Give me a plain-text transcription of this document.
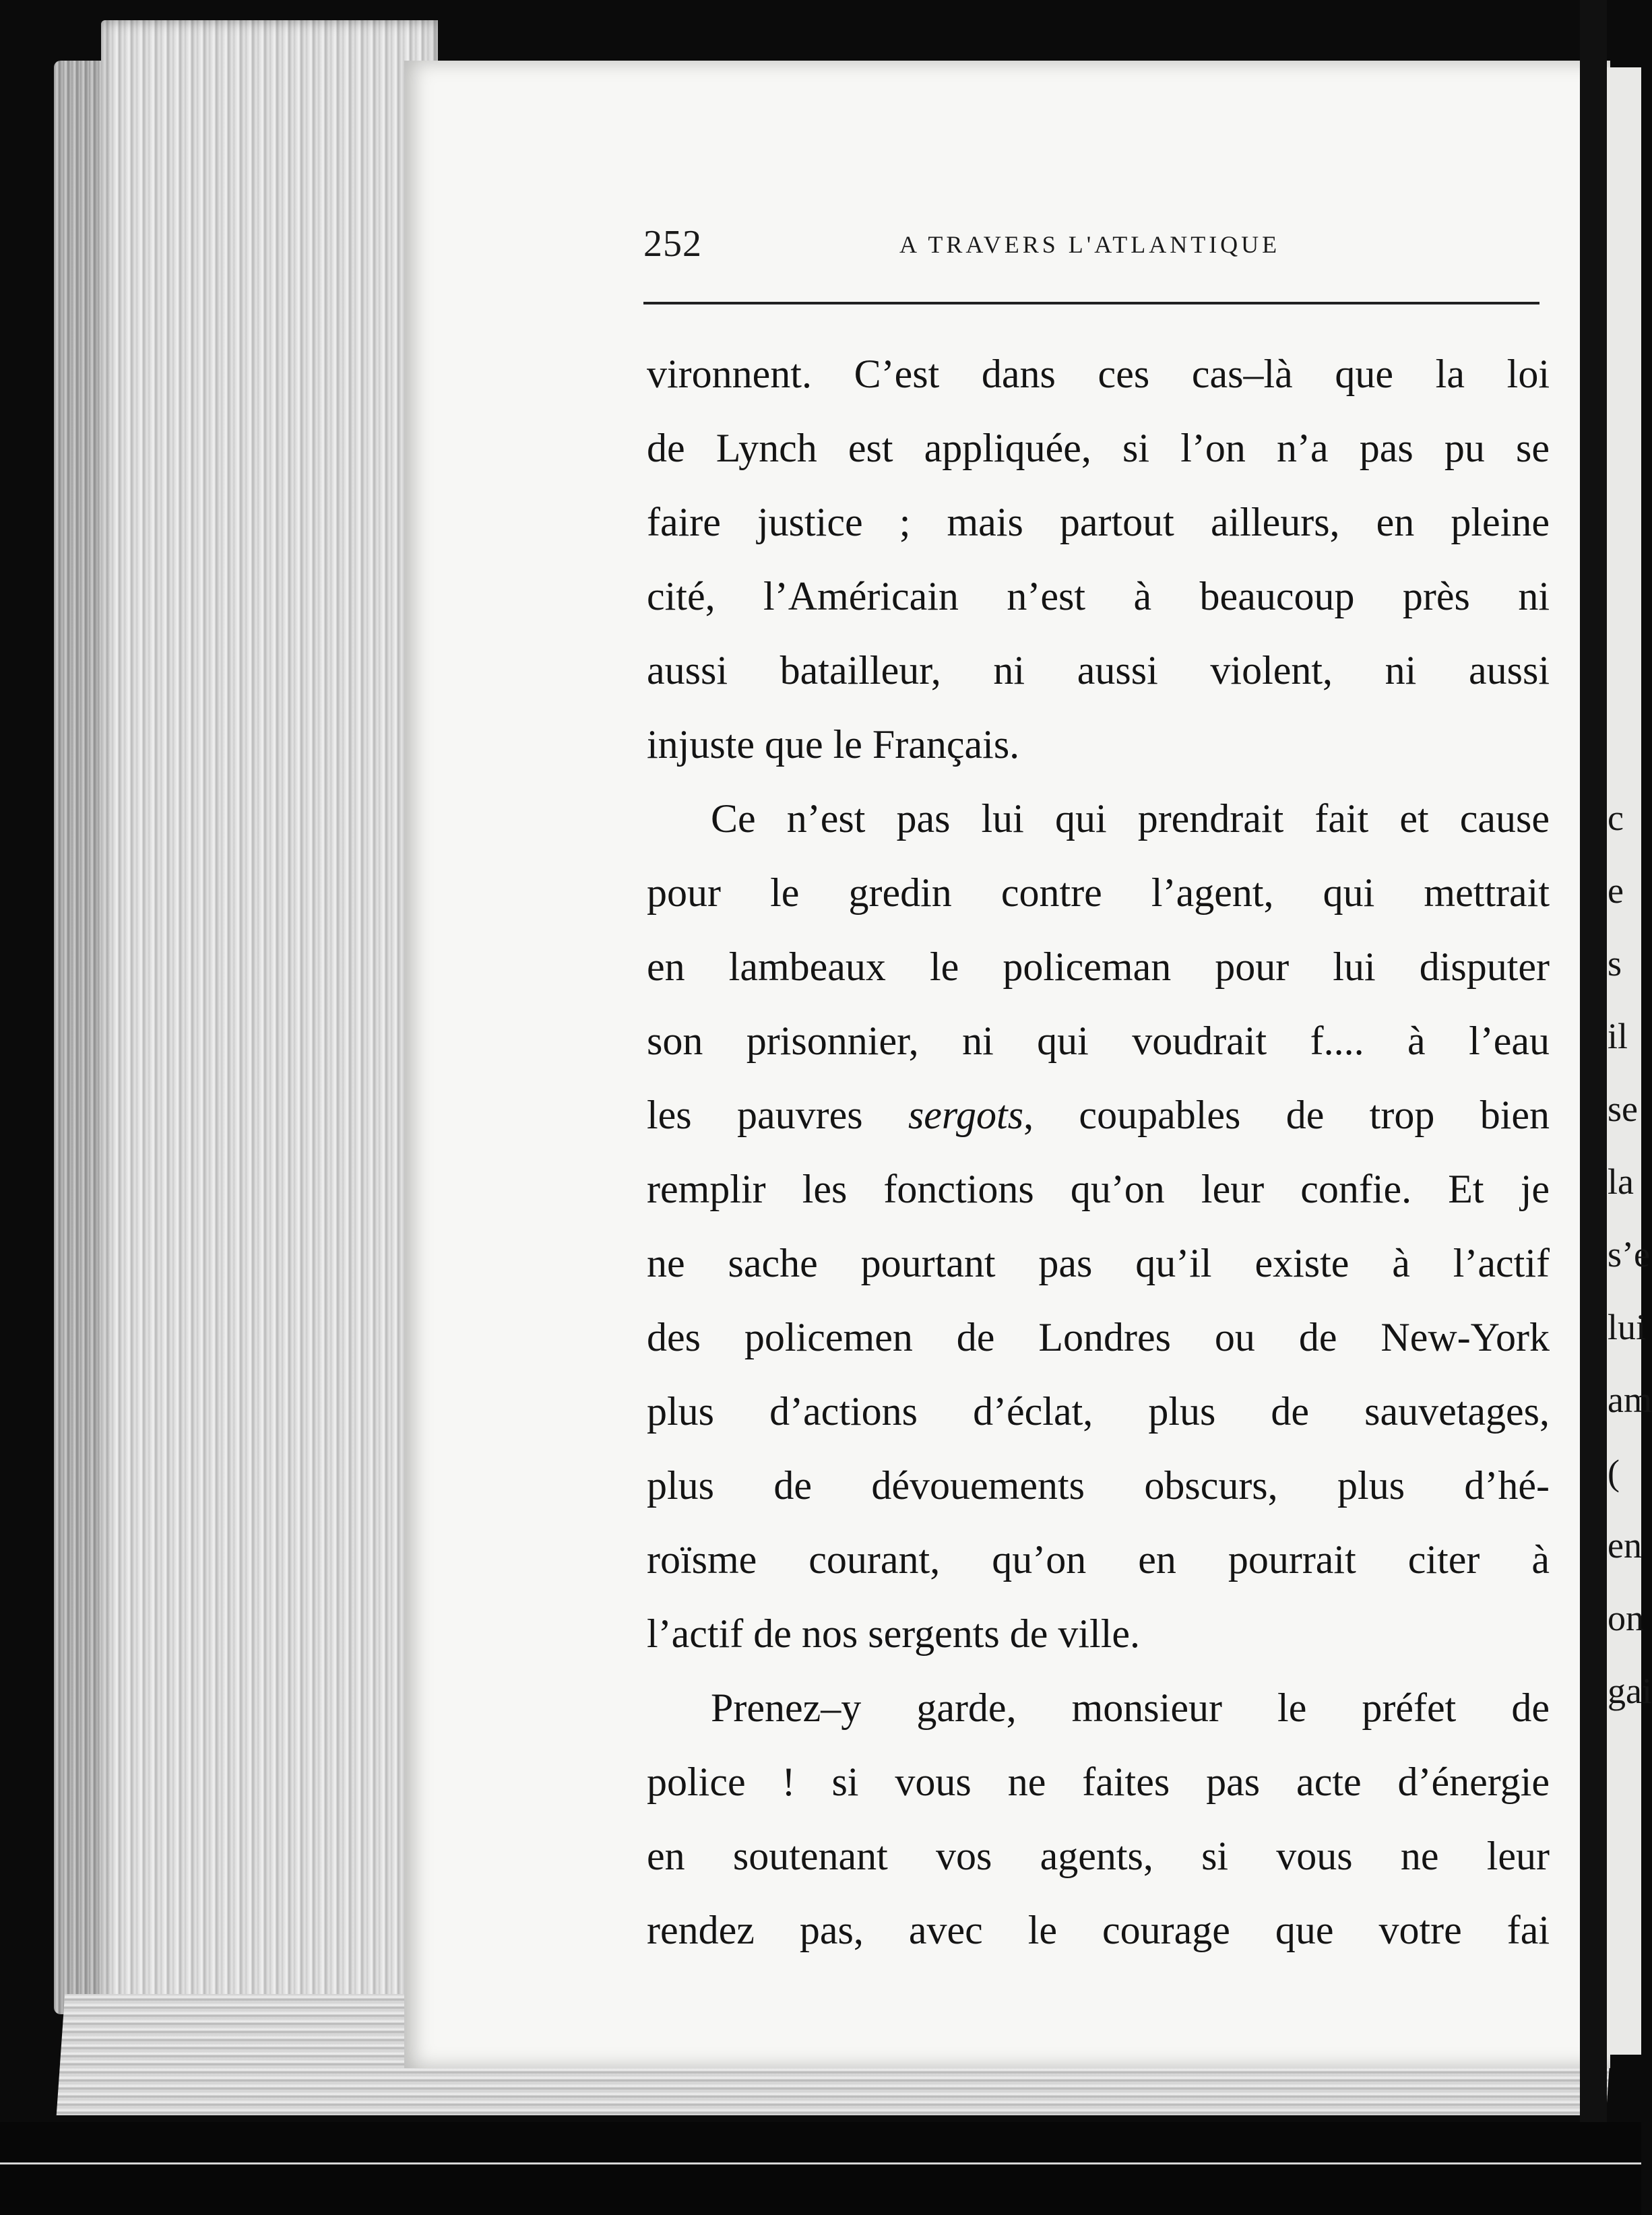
252	A TRAVERS L'ATLANTIQUE
vironnent. C’est dans ces cas–là que la loi
de Lynch est appliquée, si l’on n’a pas pu se
faire justice ; mais partout ailleurs, en pleine
cité, l’Américain n’est à beaucoup près ni
aussi batailleur, ni aussi violent, ni aussi
injuste que le Français.
Ce n’est pas lui qui prendrait fait et cause
pour le gredin contre l’agent, qui mettrait
en lambeaux le policeman pour lui disputer
son prisonnier, ni qui voudrait f.... à l’eau
les pauvres sergots, coupables de trop bien
remplir les fonctions qu’on leur confie. Et je
ne sache pourtant pas qu’il existe à l’actif
des policemen de Londres ou de New-York
plus d’actions d’éclat, plus de sauvetages,
plus de dévouements obscurs, plus d’hé-
roïsme courant, qu’on en pourrait citer à
l’actif de nos sergents de ville.
Prenez–y garde, monsieur le préfet de
police ! si vous ne faites pas acte d’énergie
en soutenant vos agents, si vous ne leur
rendez pas, avec le courage que votre fai
c
e
s
il
se
la
s’e
lui
am
(
en
on
gai
